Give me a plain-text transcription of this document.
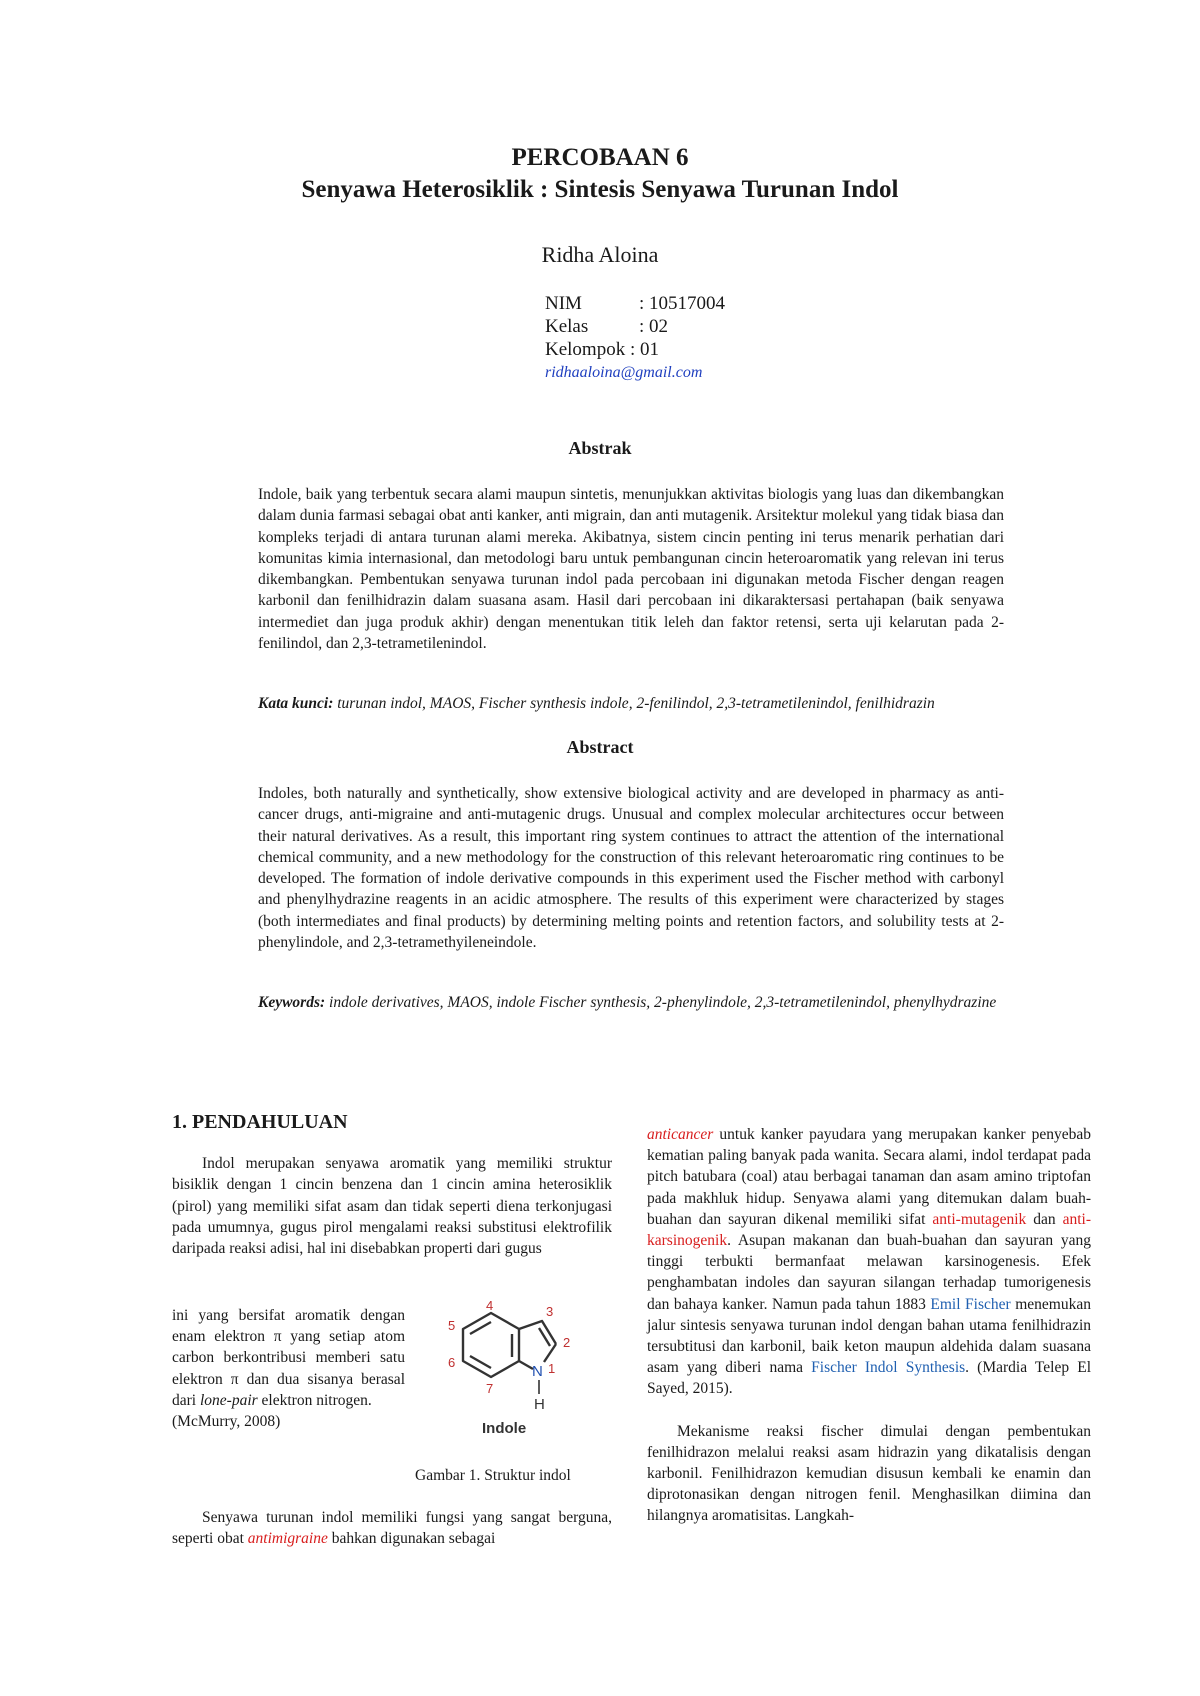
PERCOBAAN 6
Senyawa Heterosiklik : Sintesis Senyawa Turunan Indol
Ridha Aloina
NIM	: 10517004
Kelas	: 02
Kelompok : 01
ridhaaloina@gmail.com
Abstrak
Indole, baik yang terbentuk secara alami maupun sintetis, menunjukkan aktivitas biologis yang luas dan dikembangkan dalam dunia farmasi sebagai obat anti kanker, anti migrain, dan anti mutagenik. Arsitektur molekul yang tidak biasa dan kompleks terjadi di antara turunan alami mereka. Akibatnya, sistem cincin penting ini terus menarik perhatian dari komunitas kimia internasional, dan metodologi baru untuk pembangunan cincin heteroaromatik yang relevan ini terus dikembangkan. Pembentukan senyawa turunan indol pada percobaan ini digunakan metoda Fischer dengan reagen karbonil dan fenilhidrazin dalam suasana asam. Hasil dari percobaan ini dikaraktersasi pertahapan (baik senyawa intermediet dan juga produk akhir) dengan menentukan titik leleh dan faktor retensi, serta uji kelarutan pada 2-fenilindol, dan 2,3-tetrametilenindol.
Kata kunci: turunan indol, MAOS, Fischer synthesis indole, 2-fenilindol, 2,3-tetrametilenindol, fenilhidrazin
Abstract
Indoles, both naturally and synthetically, show extensive biological activity and are developed in pharmacy as anti-cancer drugs, anti-migraine and anti-mutagenic drugs. Unusual and complex molecular architectures occur between their natural derivatives. As a result, this important ring system continues to attract the attention of the international chemical community, and a new methodology for the construction of this relevant heteroaromatic ring continues to be developed. The formation of indole derivative compounds in this experiment used the Fischer method with carbonyl and phenylhydrazine reagents in an acidic atmosphere. The results of this experiment were characterized by stages (both intermediates and final products) by determining melting points and retention factors, and solubility tests at 2-phenylindole, and 2,3-tetramethyileneindole.
Keywords: indole derivatives, MAOS, indole Fischer synthesis, 2-phenylindole, 2,3-tetrametilenindol, phenylhydrazine

1. PENDAHULUAN

Indol merupakan senyawa aromatik yang memiliki struktur bisiklik dengan 1 cincin benzena dan 1 cincin amina heterosiklik (pirol) yang memiliki sifat asam dan tidak seperti diena terkonjugasi pada umumnya, gugus pirol mengalami reaksi substitusi elektrofilik daripada reaksi adisi, hal ini disebabkan properti dari gugus

ini yang bersifat aromatik dengan enam elektron π yang setiap atom carbon berkontribusi memberi satu elektron π dan dua sisanya berasal dari lone-pair elektron nitrogen.

(McMurry, 2008)

4	3
5
2
6	1
7
N
H
Indole
Gambar 1. Struktur indol

Senyawa turunan indol memiliki fungsi yang sangat berguna, seperti obat antimigraine bahkan digunakan sebagai

anticancer untuk kanker payudara yang merupakan kanker penyebab kematian paling banyak pada wanita. Secara alami, indol terdapat pada pitch batubara (coal) atau berbagai tanaman dan asam amino triptofan pada makhluk hidup. Senyawa alami yang ditemukan dalam buah-buahan dan sayuran dikenal memiliki sifat anti-mutagenik dan anti-karsinogenik. Asupan makanan dan buah-buahan dan sayuran yang tinggi terbukti bermanfaat melawan karsinogenesis. Efek penghambatan indoles dan sayuran silangan terhadap tumorigenesis dan bahaya kanker. Namun pada tahun 1883 Emil Fischer menemukan jalur sintesis senyawa turunan indol dengan bahan utama fenilhidrazin tersubtitusi dan karbonil, baik keton maupun aldehida dalam suasana asam yang diberi nama Fischer Indol Synthesis. (Mardia Telep El Sayed, 2015).

Mekanisme reaksi fischer dimulai dengan pembentukan fenilhidrazon melalui reaksi asam hidrazin yang dikatalisis dengan karbonil. Fenilhidrazon kemudian disusun kembali ke enamin dan diprotonasikan dengan nitrogen fenil. Menghasilkan diimina dan hilangnya aromatisitas. Langkah-
